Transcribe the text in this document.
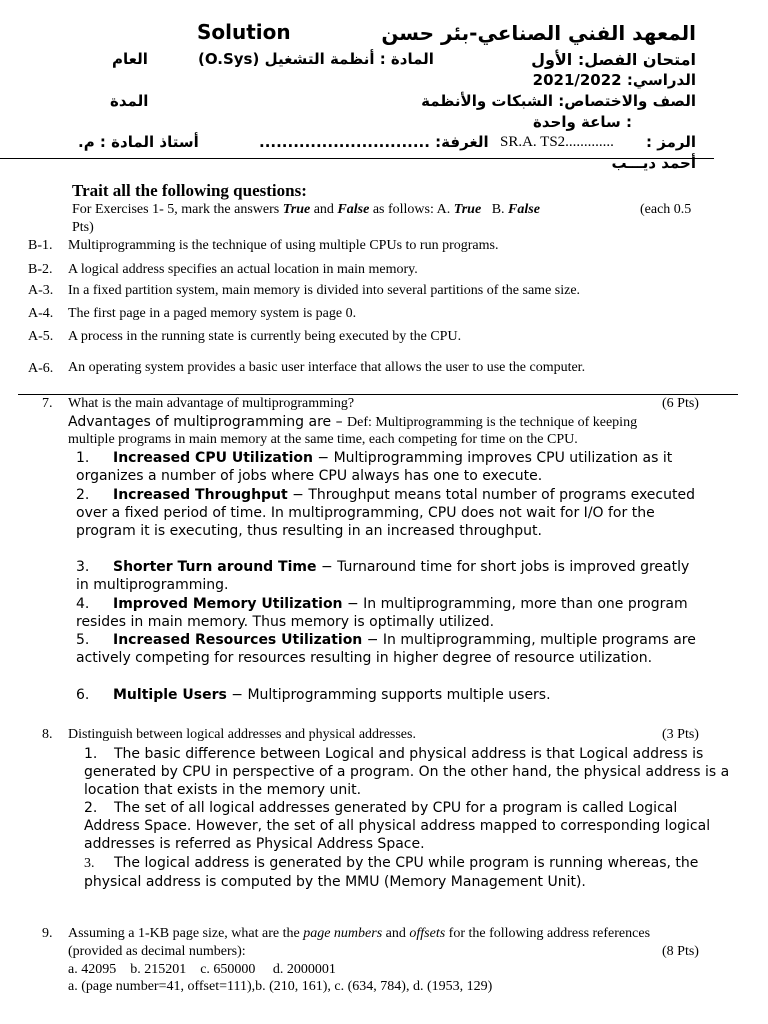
Solution	المعهد الفني الصناعي-بئر حسن
امتحان الفصل: الأول
المادة : أنظمة التشغيل (O.Sys)
العام
الدراسي: 2021/2022
الصف والاختصاص: الشبكات والأنظمة
المدة
: ساعة واحدة
الرمز :
SR.A. TS2.............
الغرفة: ..............................
أستاذ المادة : م.
أحمد ديـــب
Trait all the following questions:
For Exercises 1- 5, mark the answers True and False as follows: A. True B. False	(each 0.5
Pts)
B-1. Multiprogramming is the technique of using multiple CPUs to run programs.
B-2. A logical address specifies an actual location in main memory.
A-3. In a fixed partition system, main memory is divided into several partitions of the same size.
A-4. The first page in a paged memory system is page 0.
A-5. A process in the running state is currently being executed by the CPU.
A-6. An operating system provides a basic user interface that allows the user to use the computer.
7. What is the main advantage of multiprogramming?	(6 Pts)
Advantages of multiprogramming are – Def: Multiprogramming is the technique of keeping
multiple programs in main memory at the same time, each competing for time on the CPU.
1. Increased CPU Utilization − Multiprogramming improves CPU utilization as it organizes a number of jobs where CPU always has one to execute.
2. Increased Throughput − Throughput means total number of programs executed over a fixed period of time. In multiprogramming, CPU does not wait for I/O for the program it is executing, thus resulting in an increased throughput.
3. Shorter Turn around Time − Turnaround time for short jobs is improved greatly in multiprogramming.
4. Improved Memory Utilization − In multiprogramming, more than one program resides in main memory. Thus memory is optimally utilized.
5. Increased Resources Utilization − In multiprogramming, multiple programs are actively competing for resources resulting in higher degree of resource utilization.
6. Multiple Users − Multiprogramming supports multiple users.
8. Distinguish between logical addresses and physical addresses.	(3 Pts)
1. The basic difference between Logical and physical address is that Logical address is generated by CPU in perspective of a program. On the other hand, the physical address is a location that exists in the memory unit.
2. The set of all logical addresses generated by CPU for a program is called Logical Address Space. However, the set of all physical address mapped to corresponding logical addresses is referred as Physical Address Space.
3. The logical address is generated by the CPU while program is running whereas, the physical address is computed by the MMU (Memory Management Unit).
9. Assuming a 1-KB page size, what are the page numbers and offsets for the following address references
(provided as decimal numbers):	(8 Pts)
a. 42095    b. 215201    c. 650000     d. 2000001
a. (page number=41, offset=111),b. (210, 161), c. (634, 784), d. (1953, 129)
